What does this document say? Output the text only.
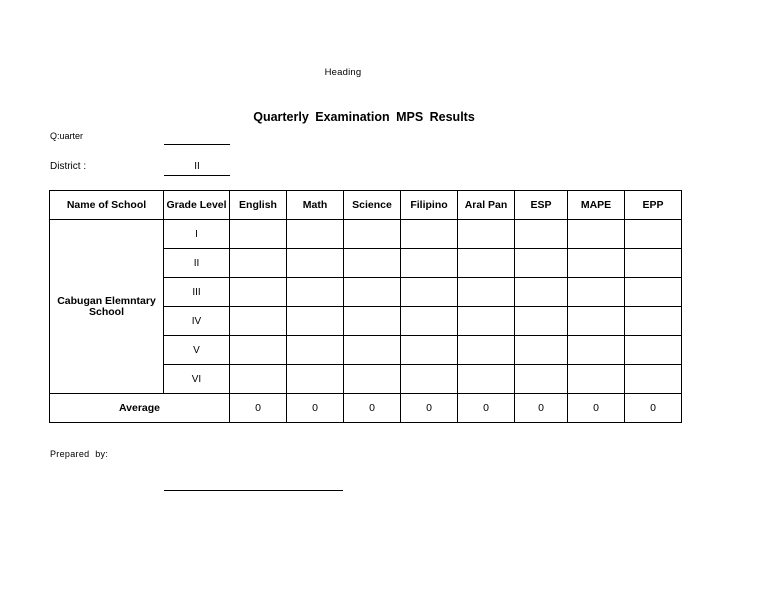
Heading
Quarterly Examination MPS Results
Q:uarter
District :	II
Name of School	Grade Level	English	Math	Science	Filipino	Aral Pan	ESP	MAPE	EPP
Cabugan Elemntary School	I								
	II								
	III								
	IV								
	V								
	VI								
Average		0	0	0	0	0	0	0	0
Prepared by:
